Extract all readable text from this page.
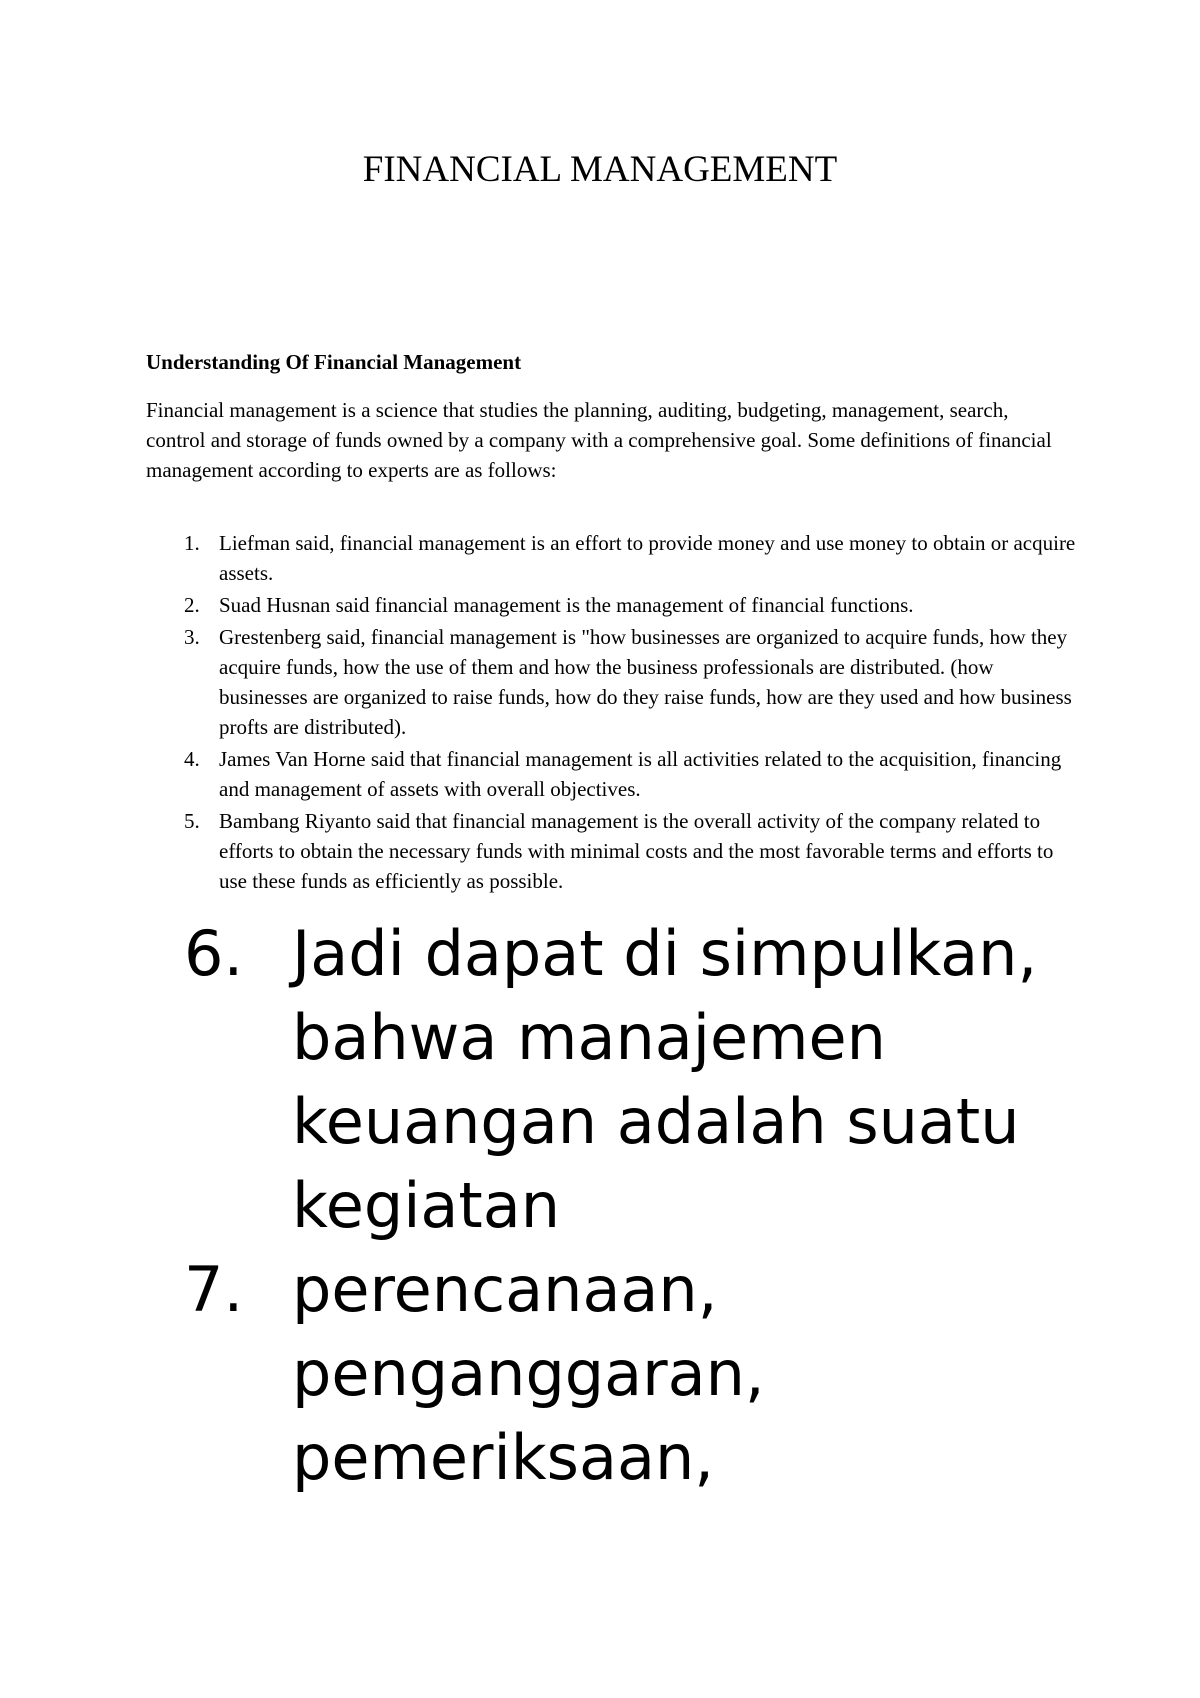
FINANCIAL MANAGEMENT
Understanding Of Financial Management
Financial management is a science that studies the planning, auditing, budgeting, management, search, control and storage of funds owned by a company with a comprehensive goal. Some definitions of financial management according to experts are as follows:
1. Liefman said, financial management is an effort to provide money and use money to obtain or acquire assets.
2. Suad Husnan said financial management is the management of financial functions.
3. Grestenberg said, financial management is "how businesses are organized to acquire funds, how they acquire funds, how the use of them and how the business professionals are distributed. (how businesses are organized to raise funds, how do they raise funds, how are they used and how business profts are distributed).
4. James Van Horne said that financial management is all activities related to the acquisition, financing and management of assets with overall objectives.
5. Bambang Riyanto said that financial management is the overall activity of the company related to efforts to obtain the necessary funds with minimal costs and the most favorable terms and efforts to use these funds as efficiently as possible.
6. Jadi dapat di simpulkan, bahwa manajemen keuangan adalah suatu kegiatan
7. perencanaan, penganggaran, pemeriksaan,
